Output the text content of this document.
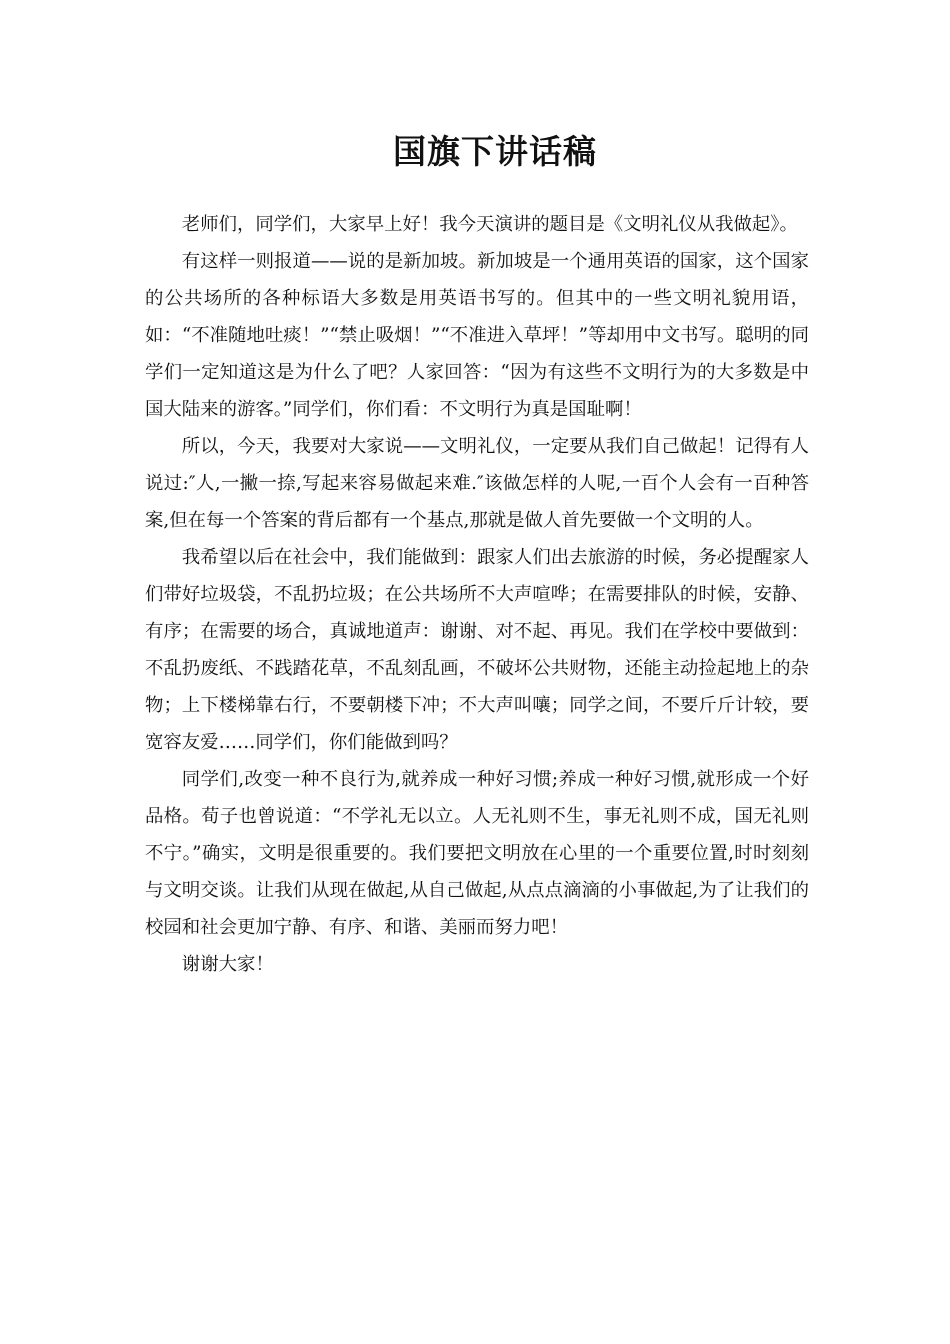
国旗下讲话稿

老师们，同学们，大家早上好！我今天演讲的题目是《文明礼仪从我做起》。

有这样一则报道——说的是新加坡。新加坡是一个通用英语的国家，这个国家的公共场所的各种标语大多数是用英语书写的。但其中的一些文明礼貌用语，如：“不准随地吐痰！”“禁止吸烟！”“不准进入草坪！”等却用中文书写。聪明的同学们一定知道这是为什么了吧？人家回答：“因为有这些不文明行为的大多数是中国大陆来的游客。”同学们，你们看：不文明行为真是国耻啊！

所以，今天，我要对大家说——文明礼仪，一定要从我们自己做起！记得有人说过:″人,一撇一捺,写起来容易做起来难.″该做怎样的人呢,一百个人会有一百种答案,但在每一个答案的背后都有一个基点,那就是做人首先要做一个文明的人。

我希望以后在社会中，我们能做到：跟家人们出去旅游的时候，务必提醒家人们带好垃圾袋，不乱扔垃圾；在公共场所不大声喧哗；在需要排队的时候，安静、有序；在需要的场合，真诚地道声：谢谢、对不起、再见。我们在学校中要做到：不乱扔废纸、不践踏花草，不乱刻乱画，不破坏公共财物，还能主动捡起地上的杂物；上下楼梯靠右行，不要朝楼下冲；不大声叫嚷；同学之间，不要斤斤计较，要宽容友爱……同学们，你们能做到吗？

同学们,改变一种不良行为,就养成一种好习惯;养成一种好习惯,就形成一个好品格。荀子也曾说道：“不学礼无以立。人无礼则不生，事无礼则不成，国无礼则不宁。”确实，文明是很重要的。我们要把文明放在心里的一个重要位置,时时刻刻与文明交谈。让我们从现在做起,从自己做起,从点点滴滴的小事做起,为了让我们的校园和社会更加宁静、有序、和谐、美丽而努力吧！

谢谢大家！
